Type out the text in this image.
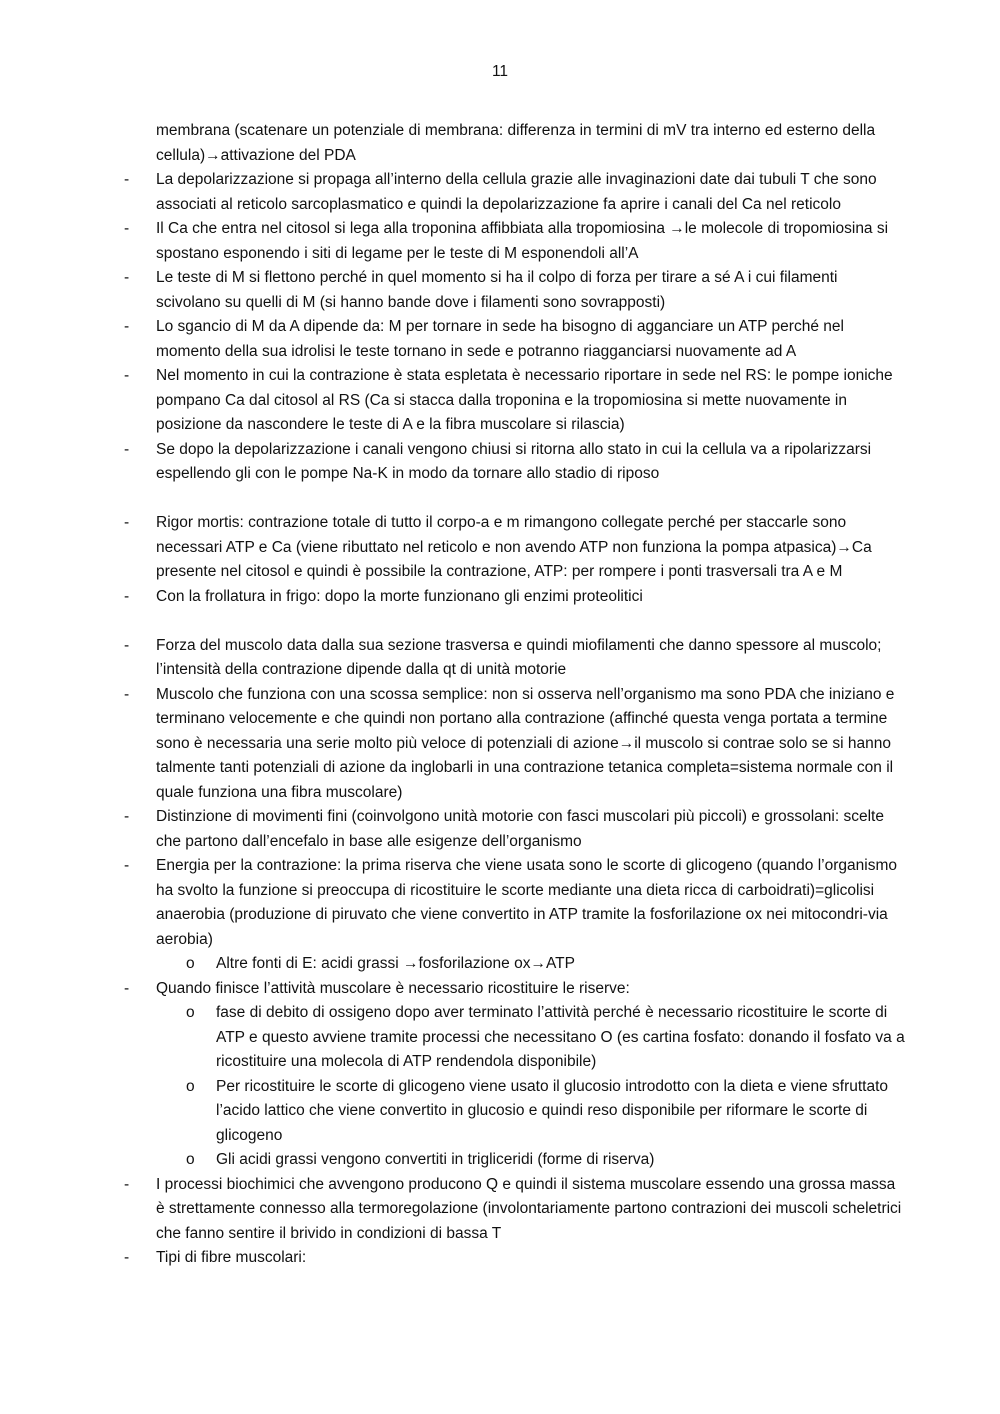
11
membrana (scatenare un potenziale di membrana: differenza in termini di mV tra interno ed esterno della cellula)→attivazione del PDA
- La depolarizzazione si propaga all’interno della cellula grazie alle invaginazioni date dai tubuli T che sono associati al reticolo sarcoplasmatico e quindi la depolarizzazione fa aprire i canali del Ca nel reticolo
- Il Ca che entra nel citosol si lega alla troponina affibbiata alla tropomiosina →le molecole di tropomiosina si spostano esponendo i siti di legame per le teste di M esponendoli all’A
- Le teste di M si flettono perché in quel momento si ha il colpo di forza per tirare a sé A i cui filamenti scivolano su quelli di M (si hanno bande dove i filamenti sono sovrapposti)
- Lo sgancio di M da A dipende da: M per tornare in sede ha bisogno di agganciare un ATP perché nel momento della sua idrolisi le teste tornano in sede e potranno riagganciarsi nuovamente ad A
- Nel momento in cui la contrazione è stata espletata è necessario riportare in sede nel RS: le pompe ioniche pompano Ca dal citosol al RS (Ca si stacca dalla troponina e la tropomiosina si mette nuovamente in posizione da nascondere le teste di A e la fibra muscolare si rilascia)
- Se dopo la depolarizzazione i canali vengono chiusi si ritorna allo stato in cui la cellula va a ripolarizzarsi espellendo gli con le pompe Na-K in modo da tornare allo stadio di riposo
- Rigor mortis: contrazione totale di tutto il corpo-a e m rimangono collegate perché per staccarle sono necessari ATP e Ca (viene ributtato nel reticolo e non avendo ATP non funziona la pompa atpasica)→Ca presente nel citosol e quindi è possibile la contrazione, ATP: per rompere i ponti trasversali tra A e M
- Con la frollatura in frigo: dopo la morte funzionano gli enzimi proteolitici
- Forza del muscolo data dalla sua sezione trasversa e quindi miofilamenti che danno spessore al muscolo; l’intensità della contrazione dipende dalla qt di unità motorie
- Muscolo che funziona con una scossa semplice: non si osserva nell’organismo ma sono PDA che iniziano e terminano velocemente e che quindi non portano alla contrazione (affinché questa venga portata a termine sono è necessaria una serie molto più veloce di potenziali di azione→il muscolo si contrae solo se si hanno talmente tanti potenziali di azione da inglobarli in una contrazione tetanica completa=sistema normale con il quale funziona una fibra muscolare)
- Distinzione di movimenti fini (coinvolgono unità motorie con fasci muscolari più piccoli) e grossolani: scelte che partono dall’encefalo in base alle esigenze dell’organismo
- Energia per la contrazione: la prima riserva che viene usata sono le scorte di glicogeno (quando l’organismo ha svolto la funzione si preoccupa di ricostituire le scorte mediante una dieta ricca di carboidrati)=glicolisi anaerobia (produzione di piruvato che viene convertito in ATP tramite la fosforilazione ox nei mitocondri-via aerobia)
o Altre fonti di E: acidi grassi →fosforilazione ox→ATP
- Quando finisce l’attività muscolare è necessario ricostituire le riserve:
o fase di debito di ossigeno dopo aver terminato l’attività perché è necessario ricostituire le scorte di ATP e questo avviene tramite processi che necessitano O (es cartina fosfato: donando il fosfato va a ricostituire una molecola di ATP rendendola disponibile)
o Per ricostituire le scorte di glicogeno viene usato il glucosio introdotto con la dieta e viene sfruttato l’acido lattico che viene convertito in glucosio e quindi reso disponibile per riformare le scorte di glicogeno
o Gli acidi grassi vengono convertiti in trigliceridi (forme di riserva)
- I processi biochimici che avvengono producono Q e quindi il sistema muscolare essendo una grossa massa è strettamente connesso alla termoregolazione (involontariamente partono contrazioni dei muscoli scheletrici che fanno sentire il brivido in condizioni di bassa T
- Tipi di fibre muscolari:
